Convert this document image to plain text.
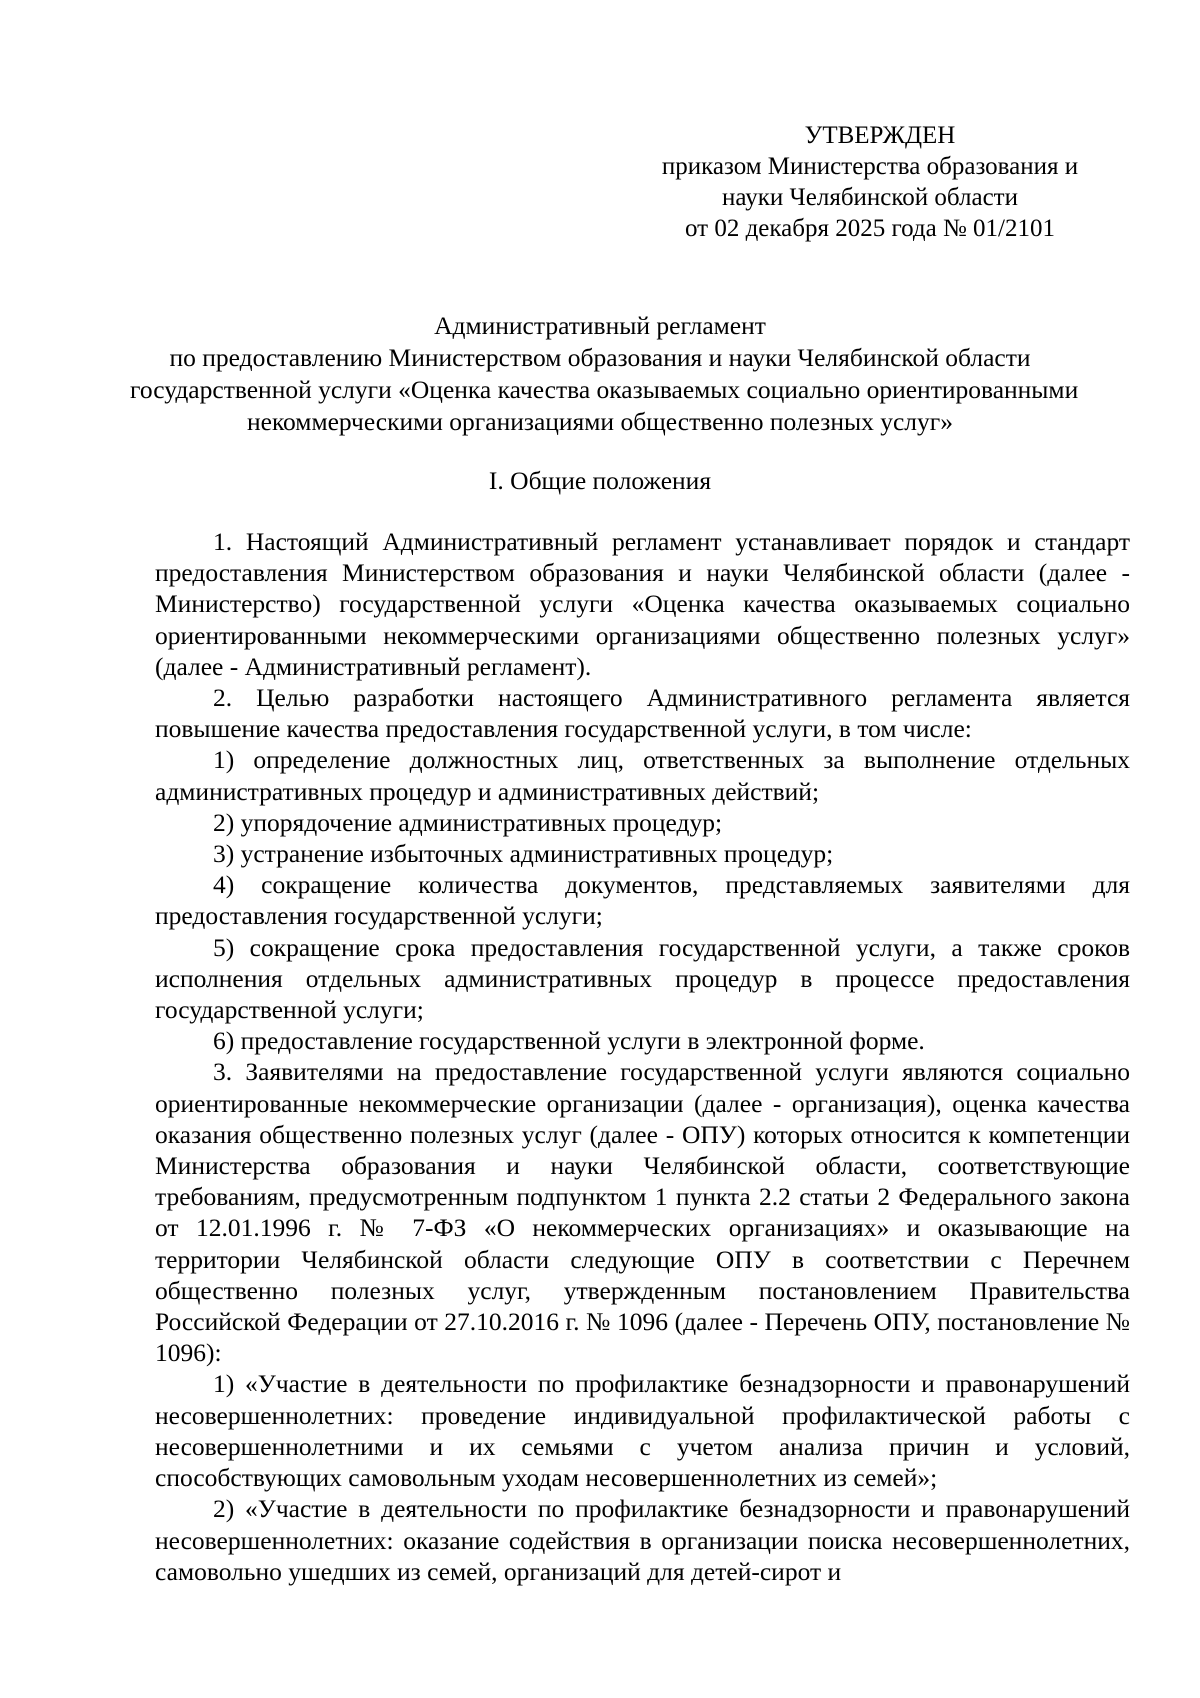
УТВЕРЖДЕН
приказом Министерства образования и
науки Челябинской области
от 02 декабря 2025 года № 01/2101
Административный регламент
по предоставлению Министерством образования и науки Челябинской области
государственной услуги «Оценка качества оказываемых социально ориентированными
некоммерческими организациями общественно полезных услуг»
I. Общие положения

1. Настоящий Административный регламент устанавливает порядок и стандарт предоставления Министерством образования и науки Челябинской области (далее - Министерство) государственной услуги «Оценка качества оказываемых социально ориентированными некоммерческими организациями общественно полезных услуг» (далее - Административный регламент).

2. Целью разработки настоящего Административного регламента является повышение качества предоставления государственной услуги, в том числе:

1) определение должностных лиц, ответственных за выполнение отдельных административных процедур и административных действий;

2) упорядочение административных процедур;

3) устранение избыточных административных процедур;

4) сокращение количества документов, представляемых заявителями для предоставления государственной услуги;

5) сокращение срока предоставления государственной услуги, а также сроков исполнения отдельных административных процедур в процессе предоставления государственной услуги;

6) предоставление государственной услуги в электронной форме.

3. Заявителями на предоставление государственной услуги являются социально ориентированные некоммерческие организации (далее - организация), оценка качества оказания общественно полезных услуг (далее - ОПУ) которых относится к компетенции Министерства образования и науки Челябинской области, соответствующие требованиям, предусмотренным подпунктом 1 пункта 2.2 статьи 2 Федерального закона от 12.01.1996 г. № 7-ФЗ «О некоммерческих организациях» и оказывающие на территории Челябинской области следующие ОПУ в соответствии с Перечнем общественно полезных услуг, утвержденным постановлением Правительства Российской Федерации от 27.10.2016 г. № 1096 (далее - Перечень ОПУ, постановление № 1096):

1) «Участие в деятельности по профилактике безнадзорности и правонарушений несовершеннолетних: проведение индивидуальной профилактической работы с несовершеннолетними и их семьями с учетом анализа причин и условий, способствующих самовольным уходам несовершеннолетних из семей»;

2) «Участие в деятельности по профилактике безнадзорности и правонарушений несовершеннолетних: оказание содействия в организации поиска несовершеннолетних, самовольно ушедших из семей, организаций для детей-сирот и
